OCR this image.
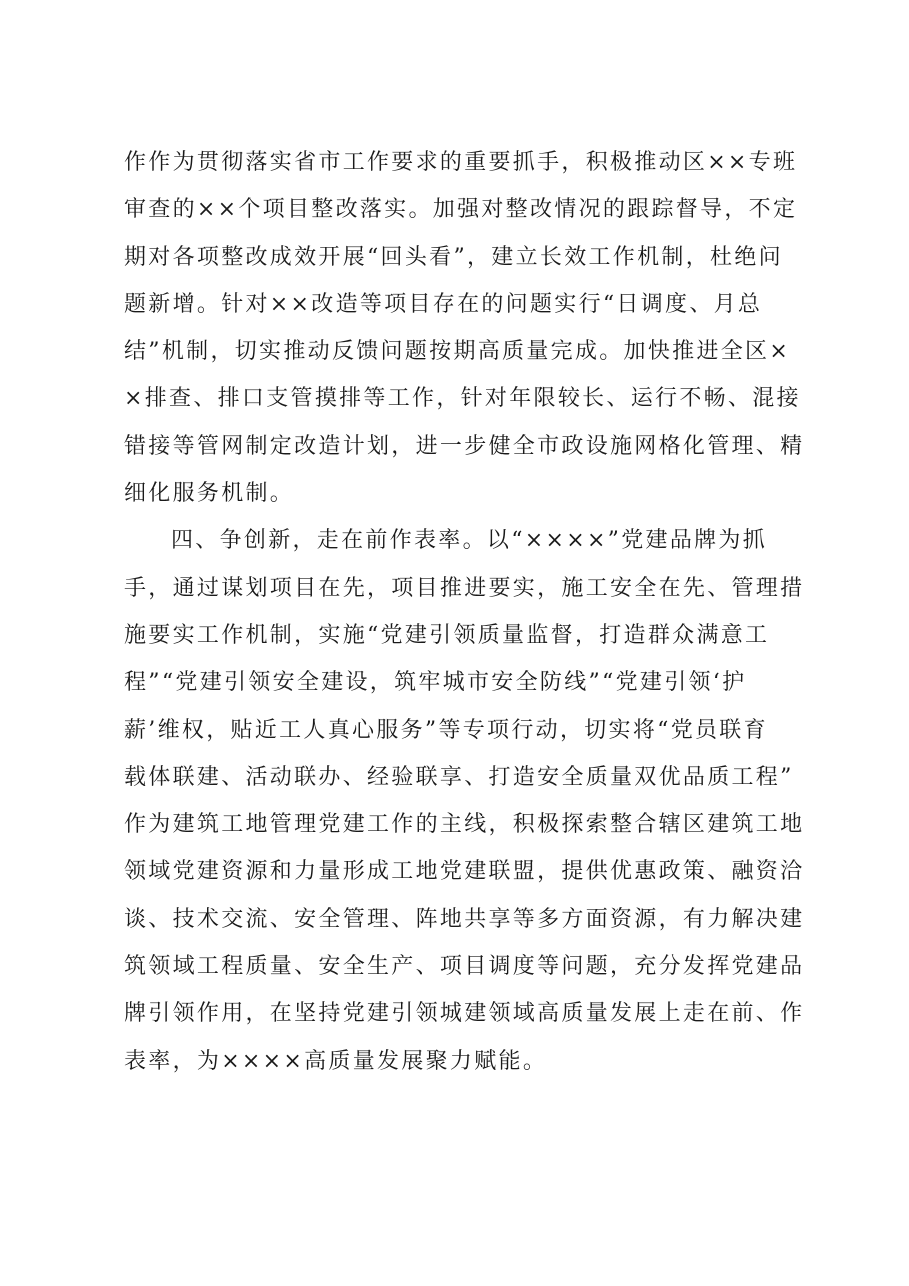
作作为贯彻落实省市工作要求的重要抓手，积极推动区××专班
审查的××个项目整改落实。加强对整改情况的跟踪督导，不定
期对各项整改成效开展“回头看”，建立长效工作机制，杜绝问
题新增。针对××改造等项目存在的问题实行“日调度、月总
结”机制，切实推动反馈问题按期高质量完成。加快推进全区×
×排查、排口支管摸排等工作，针对年限较长、运行不畅、混接
错接等管网制定改造计划，进一步健全市政设施网格化管理、精
细化服务机制。
四、争创新，走在前作表率。以“××××”党建品牌为抓
手，通过谋划项目在先，项目推进要实，施工安全在先、管理措
施要实工作机制，实施“党建引领质量监督，打造群众满意工
程”“党建引领安全建设，筑牢城市安全防线”“党建引领‘护
薪’维权，贴近工人真心服务”等专项行动，切实将“党员联育
载体联建、活动联办、经验联享、打造安全质量双优品质工程”
作为建筑工地管理党建工作的主线，积极探索整合辖区建筑工地
领域党建资源和力量形成工地党建联盟，提供优惠政策、融资洽
谈、技术交流、安全管理、阵地共享等多方面资源，有力解决建
筑领域工程质量、安全生产、项目调度等问题，充分发挥党建品
牌引领作用，在坚持党建引领城建领域高质量发展上走在前、作
表率，为××××高质量发展聚力赋能。
